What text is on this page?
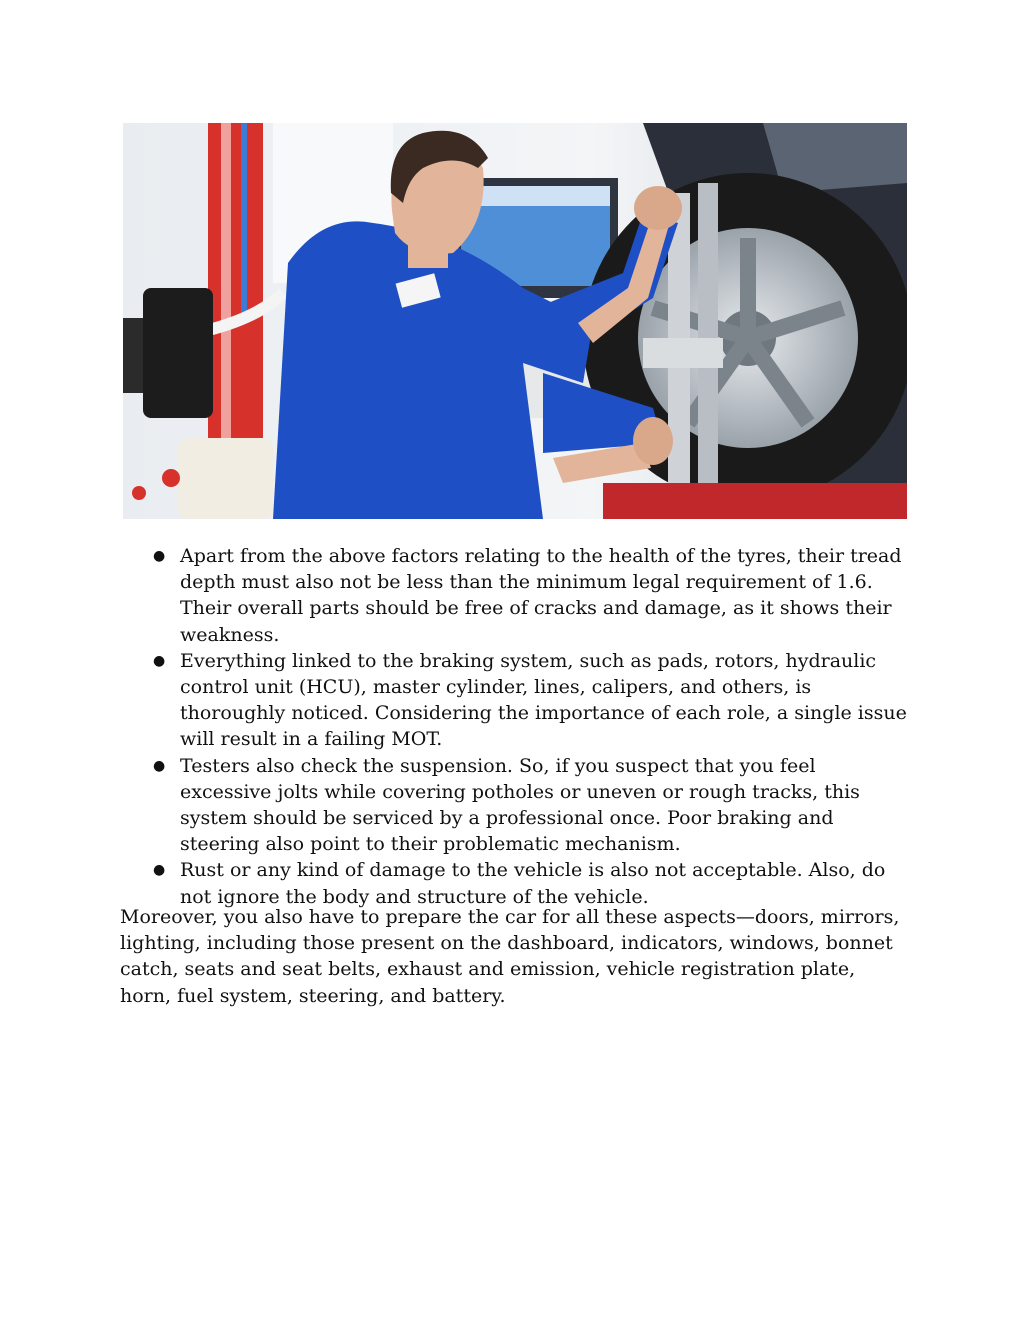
● Apart from the above factors relating to the health of the tyres, their tread depth must also not be less than the minimum legal requirement of 1.6. Their overall parts should be free of cracks and damage, as it shows their weakness.
● Everything linked to the braking system, such as pads, rotors, hydraulic control unit (HCU), master cylinder, lines, calipers, and others, is thoroughly noticed. Considering the importance of each role, a single issue will result in a failing MOT.
● Testers also check the suspension. So, if you suspect that you feel excessive jolts while covering potholes or uneven or rough tracks, this system should be serviced by a professional once. Poor braking and steering also point to their problematic mechanism.
● Rust or any kind of damage to the vehicle is also not acceptable. Also, do not ignore the body and structure of the vehicle.

Moreover, you also have to prepare the car for all these aspects—doors, mirrors, lighting, including those present on the dashboard, indicators, windows, bonnet catch, seats and seat belts, exhaust and emission, vehicle registration plate, horn, fuel system, steering, and battery.
